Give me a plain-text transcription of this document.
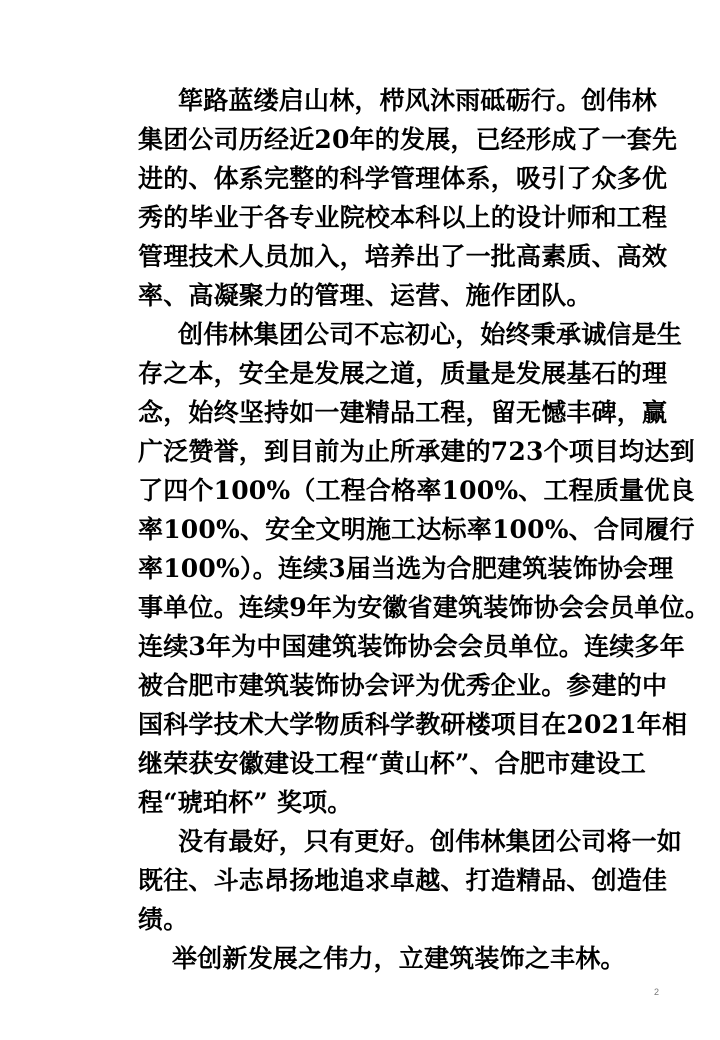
筚路蓝缕启山林，栉风沐雨砥砺行。创伟林
集团公司历经近20年的发展，已经形成了一套先
进的、体系完整的科学管理体系，吸引了众多优
秀的毕业于各专业院校本科以上的设计师和工程
管理技术人员加入，培养出了一批高素质、高效
率、高凝聚力的管理、运营、施作团队。
创伟林集团公司不忘初心，始终秉承诚信是生
存之本，安全是发展之道，质量是发展基石的理
念，始终坚持如一建精品工程，留无憾丰碑，赢
广泛赞誉，到目前为止所承建的723个项目均达到
了四个100%（工程合格率100%、工程质量优良
率100%、安全文明施工达标率100%、合同履行
率100%）。连续3届当选为合肥建筑装饰协会理
事单位。连续9年为安徽省建筑装饰协会会员单位。
连续3年为中国建筑装饰协会会员单位。连续多年
被合肥市建筑装饰协会评为优秀企业。参建的中
国科学技术大学物质科学教研楼项目在2021年相
继荣获安徽建设工程“黄山杯”、合肥市建设工
程“琥珀杯” 奖项。
没有最好，只有更好。创伟林集团公司将一如
既往、斗志昂扬地追求卓越、打造精品、创造佳
绩。
举创新发展之伟力，立建筑装饰之丰林。
2
